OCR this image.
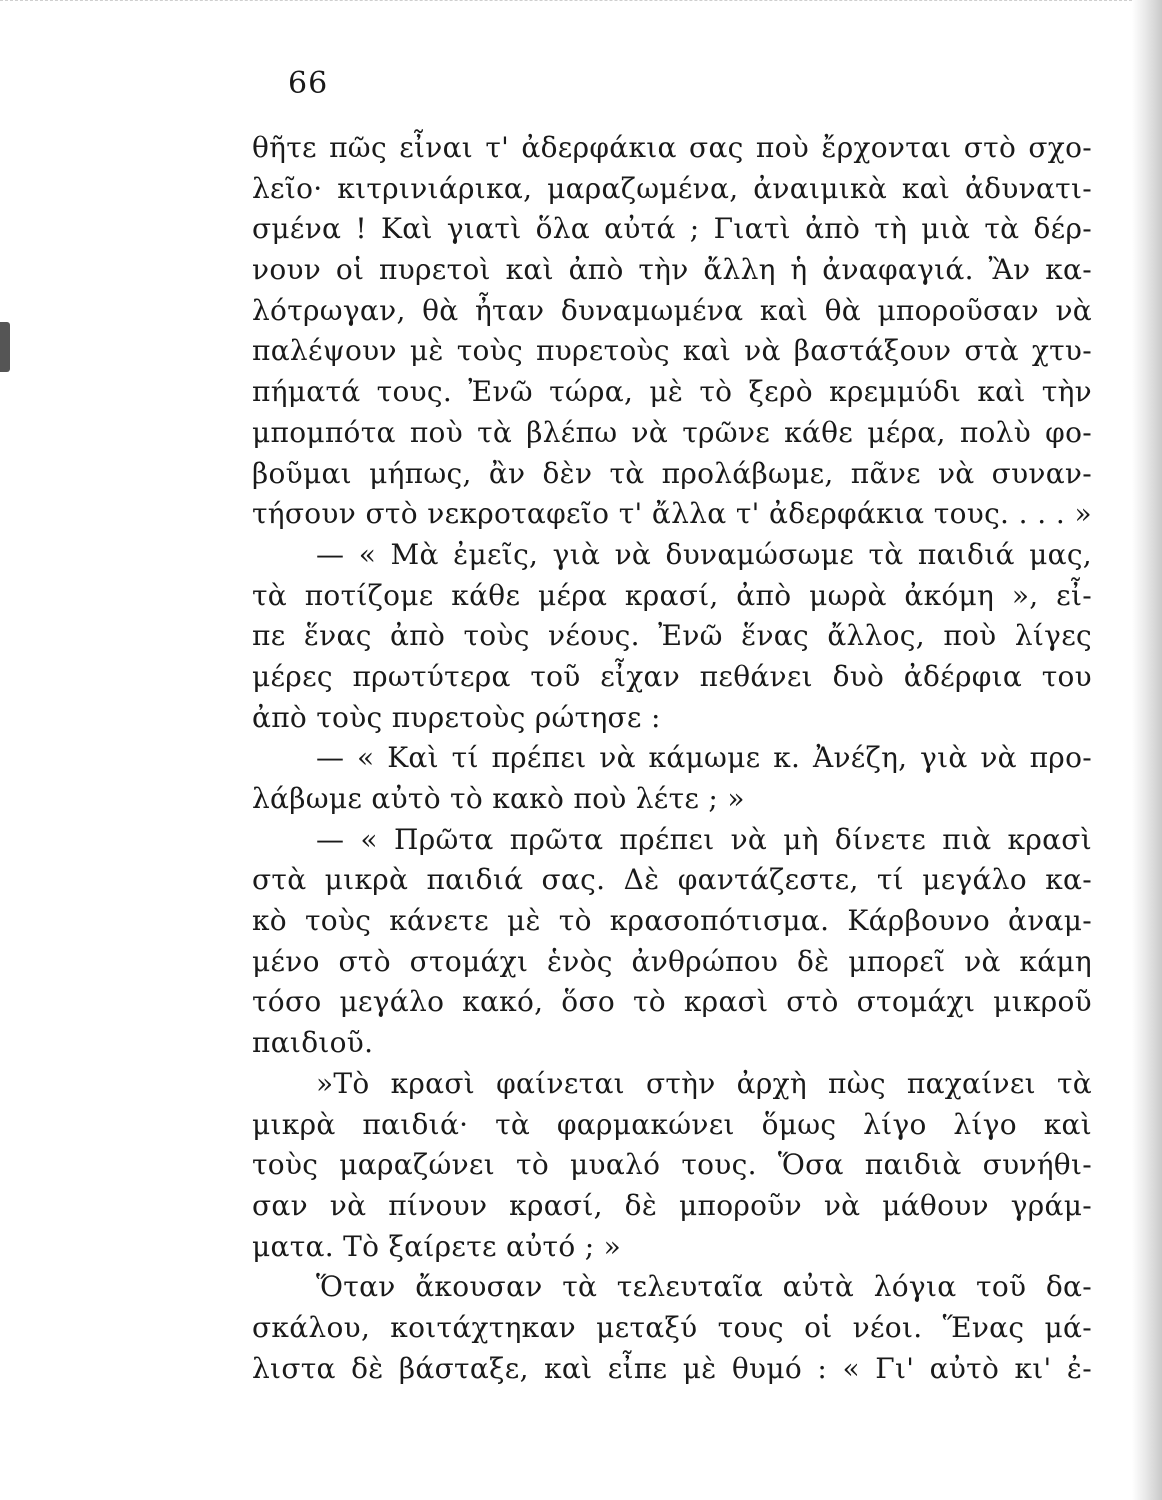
66
θῆτε πῶς εἶναι τ' ἀδερφάκια σας ποὺ ἔρχονται στὸ σχο-
λεῖο· κιτρινιάρικα, μαραζωμένα, ἀναιμικὰ καὶ ἀδυνατι-
σμένα ! Καὶ γιατὶ ὅλα αὐτά ; Γιατὶ ἀπὸ τὴ μιὰ τὰ δέρ-
νουν οἱ πυρετοὶ καὶ ἀπὸ τὴν ἄλλη ἡ ἀναφαγιά. Ἂν κα-
λότρωγαν, θὰ ἦταν δυναμωμένα καὶ θὰ μποροῦσαν νὰ
παλέψουν μὲ τοὺς πυρετοὺς καὶ νὰ βαστάξουν στὰ χτυ-
πήματά τους. Ἐνῶ τώρα, μὲ τὸ ξερὸ κρεμμύδι καὶ τὴν
μπομπότα ποὺ τὰ βλέπω νὰ τρῶνε κάθε μέρα, πολὺ φο-
βοῦμαι μήπως, ἂν δὲν τὰ προλάβωμε, πᾶνε νὰ συναν-
τήσουν στὸ νεκροταφεῖο τ' ἄλλα τ' ἀδερφάκια τους. . . . »
— « Μὰ ἐμεῖς, γιὰ νὰ δυναμώσωμε τὰ παιδιά μας,
τὰ ποτίζομε κάθε μέρα κρασί, ἀπὸ μωρὰ ἀκόμη », εἶ-
πε ἕνας ἀπὸ τοὺς νέους. Ἐνῶ ἕνας ἄλλος, ποὺ λίγες
μέρες πρωτύτερα τοῦ εἶχαν πεθάνει δυὸ ἀδέρφια του
ἀπὸ τοὺς πυρετοὺς ρώτησε :
— « Καὶ τί πρέπει νὰ κάμωμε κ. Ἀνέζη, γιὰ νὰ προ-
λάβωμε αὐτὸ τὸ κακὸ ποὺ λέτε ; »
— « Πρῶτα πρῶτα πρέπει νὰ μὴ δίνετε πιὰ κρασὶ
στὰ μικρὰ παιδιά σας. Δὲ φαντάζεστε, τί μεγάλο κα-
κὸ τοὺς κάνετε μὲ τὸ κρασοπότισμα. Κάρβουνο ἀναμ-
μένο στὸ στομάχι ἑνὸς ἀνθρώπου δὲ μπορεῖ νὰ κάμη
τόσο μεγάλο κακό, ὅσο τὸ κρασὶ στὸ στομάχι μικροῦ
παιδιοῦ.
»Τὸ κρασὶ φαίνεται στὴν ἀρχὴ πὼς παχαίνει τὰ
μικρὰ παιδιά· τὰ φαρμακώνει ὅμως λίγο λίγο καὶ
τοὺς μαραζώνει τὸ μυαλό τους. Ὅσα παιδιὰ συνήθι-
σαν νὰ πίνουν κρασί, δὲ μποροῦν νὰ μάθουν γράμ-
ματα. Τὸ ξαίρετε αὐτό ; »
Ὅταν ἄκουσαν τὰ τελευταῖα αὐτὰ λόγια τοῦ δα-
σκάλου, κοιτάχτηκαν μεταξύ τους οἱ νέοι. Ἕνας μά-
λιστα δὲ βάσταξε, καὶ εἶπε μὲ θυμό : « Γι' αὐτὸ κι' ἐ-
